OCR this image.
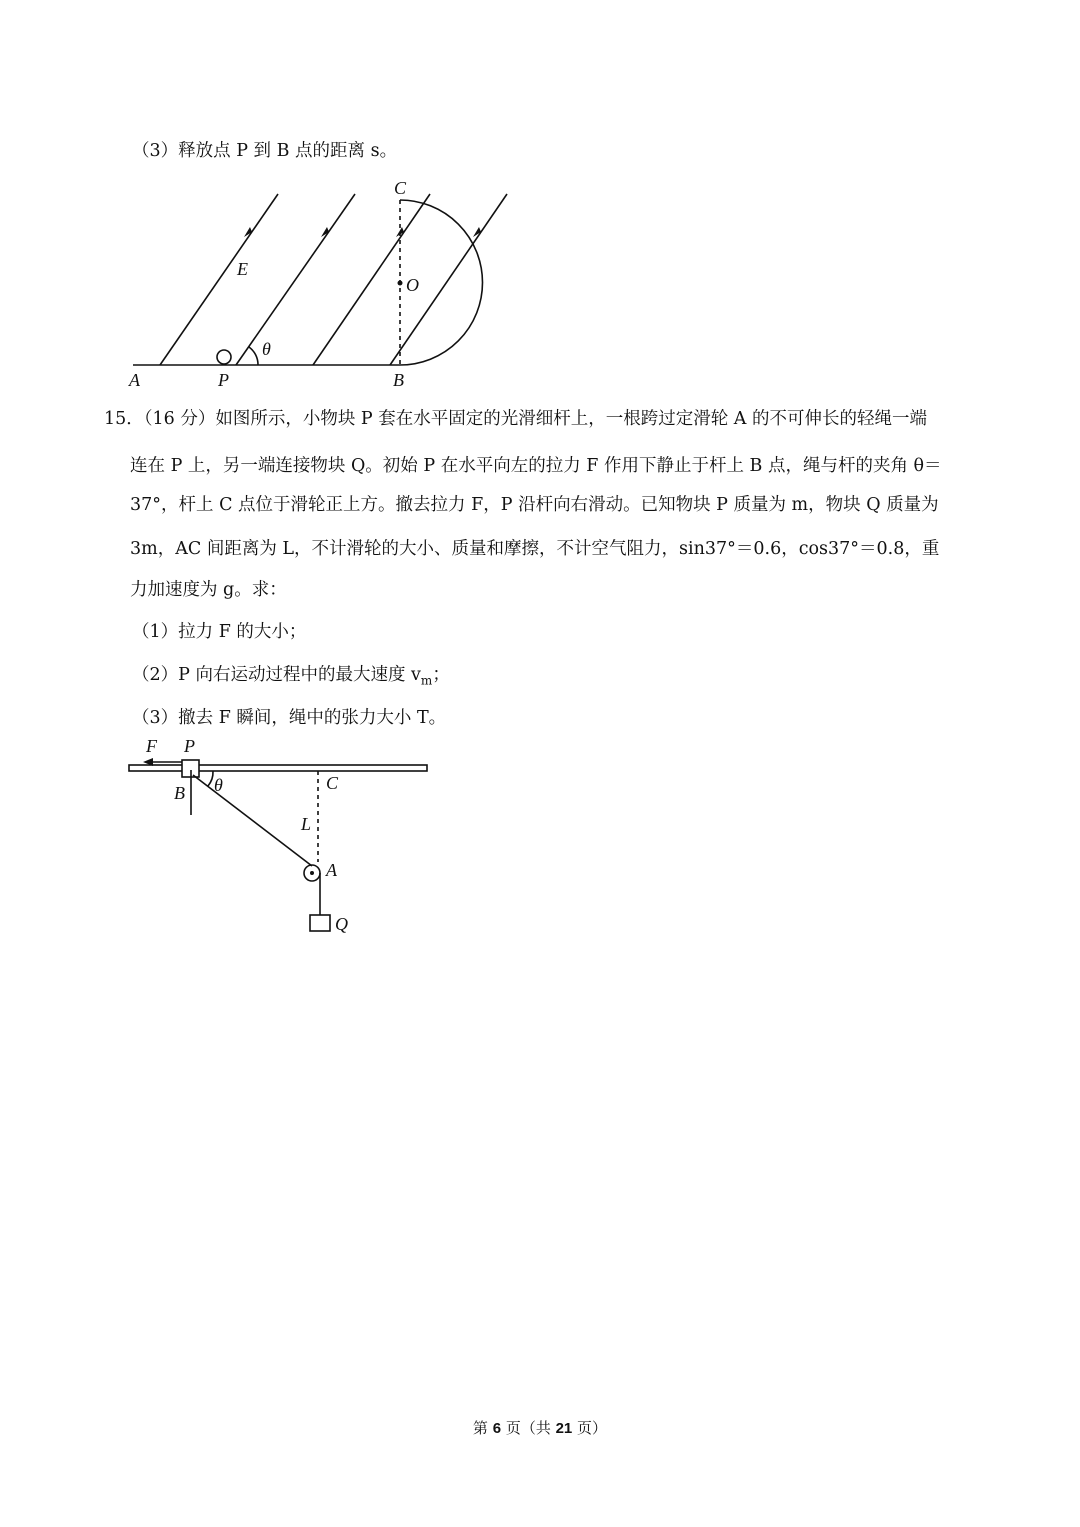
（3）释放点 P 到 B 点的距离 s。
C
E
O
θ
A	P	B
15．（16 分）如图所示，小物块 P 套在水平固定的光滑细杆上，一根跨过定滑轮 A 的不可伸长的轻绳一端
连在 P 上，另一端连接物块 Q。初始 P 在水平向左的拉力 F 作用下静止于杆上 B 点，绳与杆的夹角 θ＝
37°，杆上 C 点位于滑轮正上方。撤去拉力 F，P 沿杆向右滑动。已知物块 P 质量为 m，物块 Q 质量为
3m，AC 间距离为 L，不计滑轮的大小、质量和摩擦，不计空气阻力，sin37°＝0.6，cos37°＝0.8，重
力加速度为 g。求：
（1）拉力 F 的大小；
（2）P 向右运动过程中的最大速度 $v_m$；
（3）撤去 F 瞬间，绳中的张力大小 T。
F P
B θ	C
L
A
Q
第 6 页（共 21 页）
